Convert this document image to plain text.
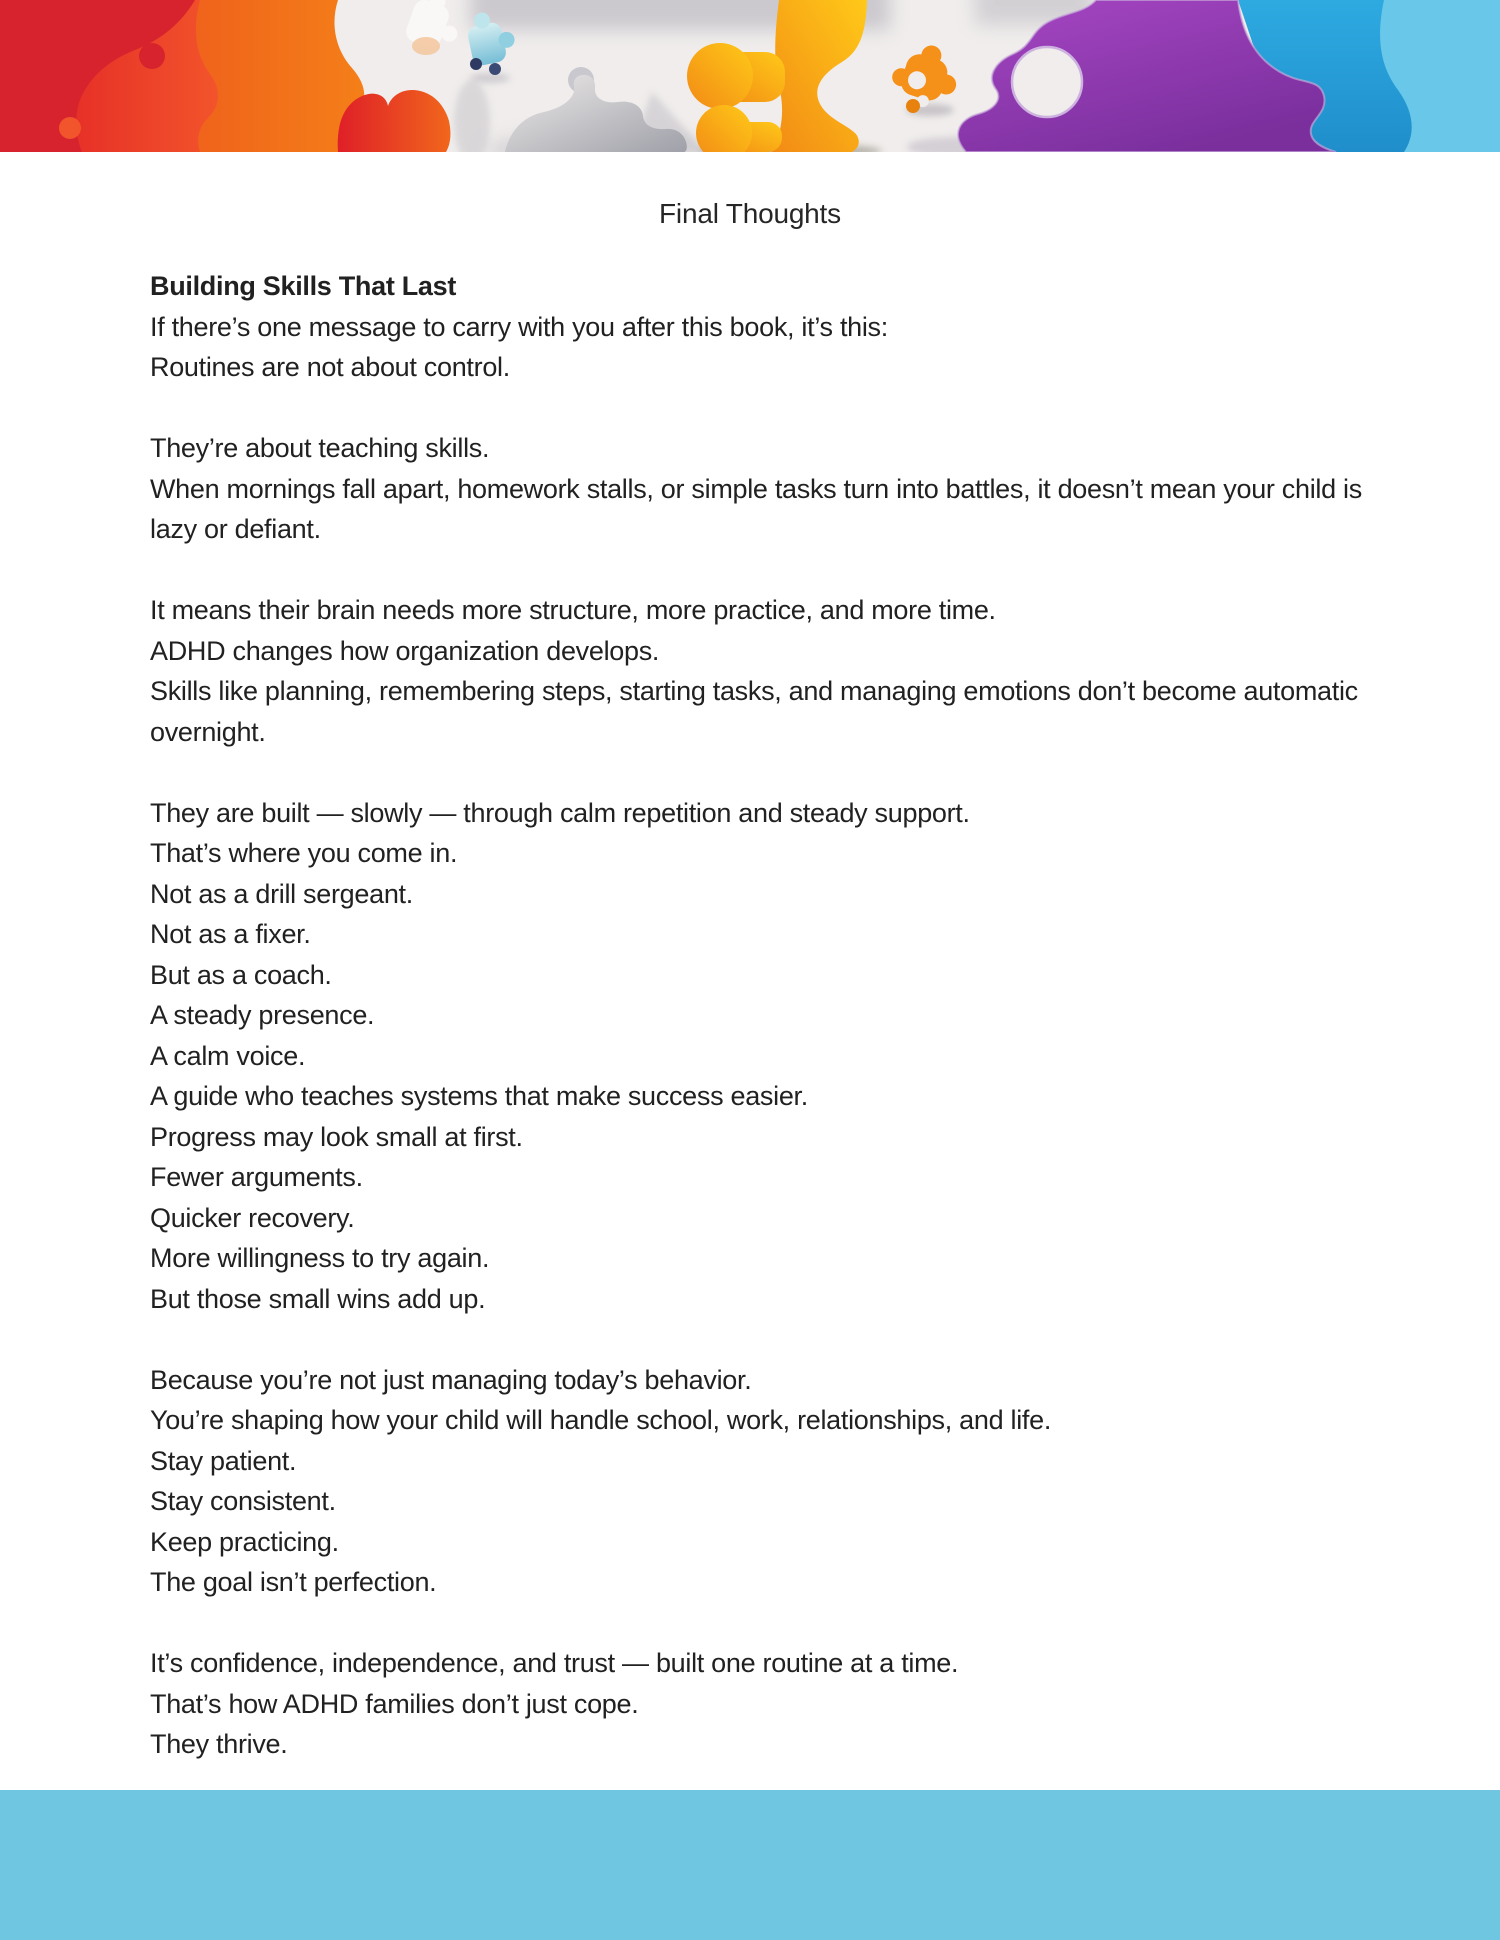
Final Thoughts
Building Skills That Last
If there’s one message to carry with you after this book, it’s this:
Routines are not about control.
They’re about teaching skills.
When mornings fall apart, homework stalls, or simple tasks turn into battles, it doesn’t mean your child is lazy or defiant.
It means their brain needs more structure, more practice, and more time.
ADHD changes how organization develops.
Skills like planning, remembering steps, starting tasks, and managing emotions don’t become automatic overnight.
They are built — slowly — through calm repetition and steady support.
That’s where you come in.
Not as a drill sergeant.
Not as a fixer.
But as a coach.
A steady presence.
A calm voice.
A guide who teaches systems that make success easier.
Progress may look small at first.
Fewer arguments.
Quicker recovery.
More willingness to try again.
But those small wins add up.
Because you’re not just managing today’s behavior.
You’re shaping how your child will handle school, work, relationships, and life.
Stay patient.
Stay consistent.
Keep practicing.
The goal isn’t perfection.
It’s confidence, independence, and trust — built one routine at a time.
That’s how ADHD families don’t just cope.
They thrive.
